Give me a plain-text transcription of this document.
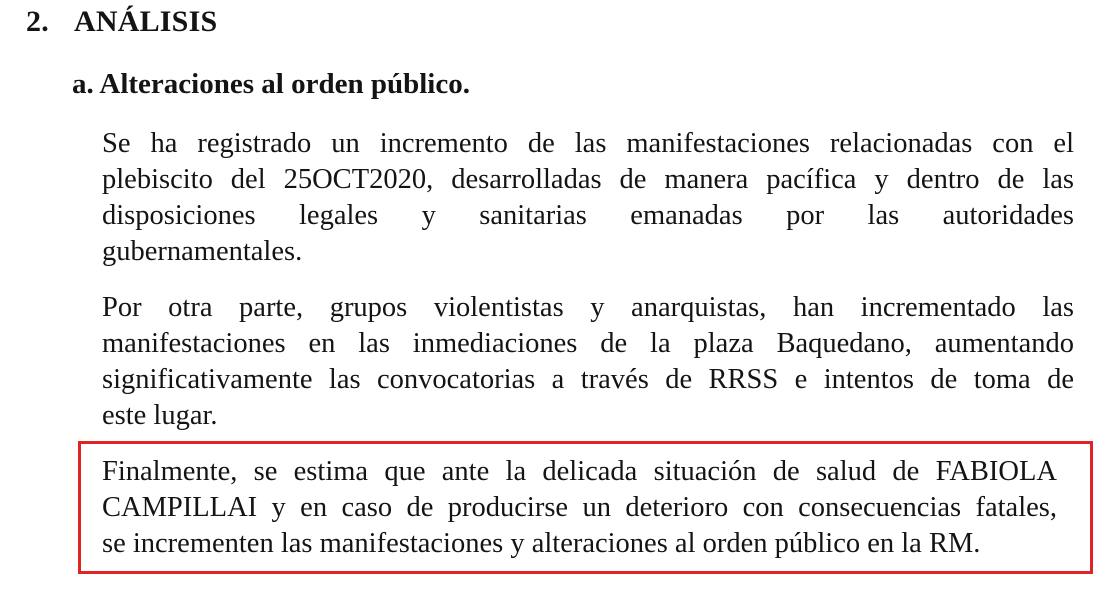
2. ANÁLISIS
a. Alteraciones al orden público.

Se ha registrado un incremento de las manifestaciones relacionadas con el
plebiscito del 25OCT2020, desarrolladas de manera pacífica y dentro de las
disposiciones legales y sanitarias emanadas por las autoridades
gubernamentales.

Por otra parte, grupos violentistas y anarquistas, han incrementado las
manifestaciones en las inmediaciones de la plaza Baquedano, aumentando
significativamente las convocatorias a través de RRSS e intentos de toma de
este lugar.

Finalmente, se estima que ante la delicada situación de salud de FABIOLA
CAMPILLAI y en caso de producirse un deterioro con consecuencias fatales,
se incrementen las manifestaciones y alteraciones al orden público en la RM.
